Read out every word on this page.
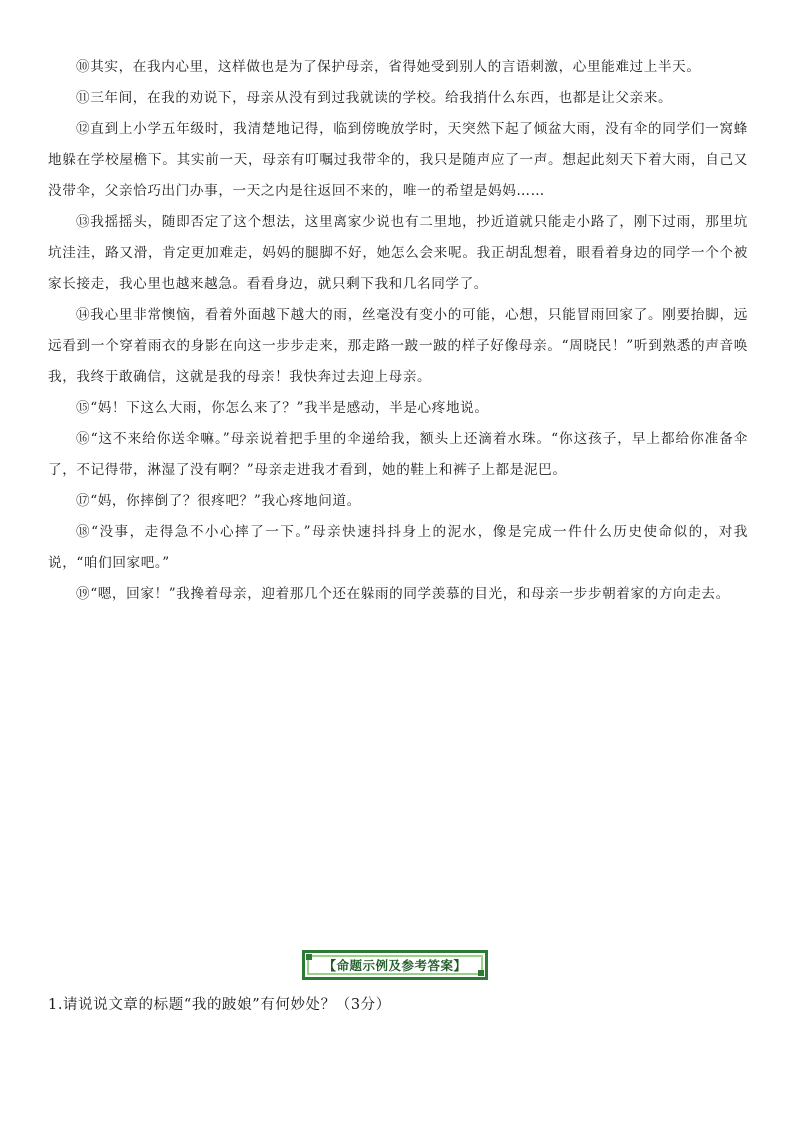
⑩其实，在我内心里，这样做也是为了保护母亲，省得她受到别人的言语刺激，心里能难过上半天。

⑪三年间，在我的劝说下，母亲从没有到过我就读的学校。给我捎什么东西，也都是让父亲来。

⑫直到上小学五年级时，我清楚地记得，临到傍晚放学时，天突然下起了倾盆大雨，没有伞的同学们一窝蜂地躲在学校屋檐下。其实前一天，母亲有叮嘱过我带伞的，我只是随声应了一声。想起此刻天下着大雨，自己又没带伞，父亲恰巧出门办事，一天之内是往返回不来的，唯一的希望是妈妈……

⑬我摇摇头，随即否定了这个想法，这里离家少说也有二里地，抄近道就只能走小路了，刚下过雨，那里坑坑洼洼，路又滑，肯定更加难走，妈妈的腿脚不好，她怎么会来呢。我正胡乱想着，眼看着身边的同学一个个被家长接走，我心里也越来越急。看看身边，就只剩下我和几名同学了。

⑭我心里非常懊恼，看着外面越下越大的雨，丝毫没有变小的可能，心想，只能冒雨回家了。刚要抬脚，远远看到一个穿着雨衣的身影在向这一步步走来，那走路一跛一跛的样子好像母亲。“周晓民！”听到熟悉的声音唤我，我终于敢确信，这就是我的母亲！我快奔过去迎上母亲。

⑮“妈！下这么大雨，你怎么来了？”我半是感动，半是心疼地说。

⑯“这不来给你送伞嘛。”母亲说着把手里的伞递给我，额头上还滴着水珠。“你这孩子，早上都给你准备伞了，不记得带，淋湿了没有啊？”母亲走进我才看到，她的鞋上和裤子上都是泥巴。

⑰“妈，你摔倒了？很疼吧？”我心疼地问道。

⑱“没事，走得急不小心摔了一下。”母亲快速抖抖身上的泥水，像是完成一件什么历史使命似的，对我说，“咱们回家吧。”

⑲“嗯，回家！”我搀着母亲，迎着那几个还在躲雨的同学羡慕的目光，和母亲一步步朝着家的方向走去。

【命题示例及参考答案】

1.请说说文章的标题“我的跛娘”有何妙处？（3分）
